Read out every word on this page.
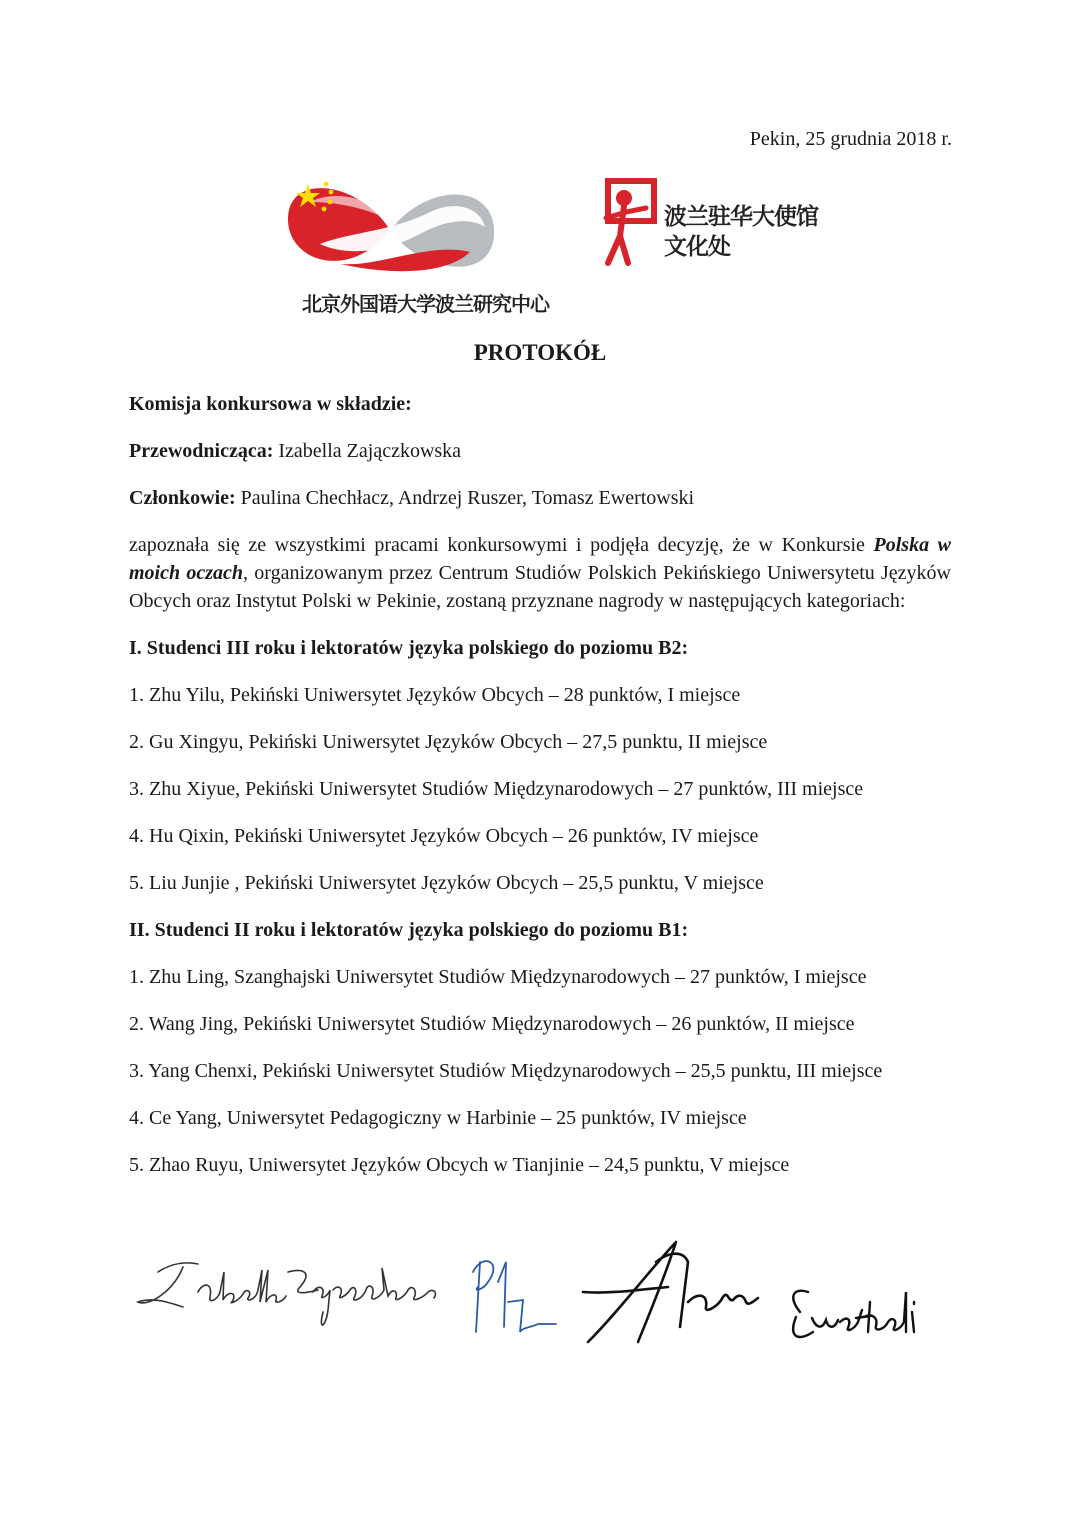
Pekin, 25 grudnia 2018 r.
北京外国语大学波兰研究中心
波兰驻华大使馆
文化处
PROTOKÓŁ

Komisja konkursowa w składzie:

Przewodnicząca: Izabella Zajączkowska

Członkowie: Paulina Chechłacz, Andrzej Ruszer, Tomasz Ewertowski

zapoznała się ze wszystkimi pracami konkursowymi i podjęła decyzję, że w Konkursie Polska w moich oczach, organizowanym przez Centrum Studiów Polskich Pekińskiego Uniwersytetu Języków Obcych oraz Instytut Polski w Pekinie, zostaną przyznane nagrody w następujących kategoriach:

I. Studenci III roku i lektoratów języka polskiego do poziomu B2:

1. Zhu Yilu, Pekiński Uniwersytet Języków Obcych – 28 punktów, I miejsce

2. Gu Xingyu, Pekiński Uniwersytet Języków Obcych – 27,5 punktu, II miejsce

3. Zhu Xiyue, Pekiński Uniwersytet Studiów Międzynarodowych – 27 punktów, III miejsce

4. Hu Qixin, Pekiński Uniwersytet Języków Obcych – 26 punktów, IV miejsce

5. Liu Junjie , Pekiński Uniwersytet Języków Obcych – 25,5 punktu, V miejsce

II. Studenci II roku i lektoratów języka polskiego do poziomu B1:

1. Zhu Ling, Szanghajski Uniwersytet Studiów Międzynarodowych – 27 punktów, I miejsce

2. Wang Jing, Pekiński Uniwersytet Studiów Międzynarodowych – 26 punktów, II miejsce

3. Yang Chenxi, Pekiński Uniwersytet Studiów Międzynarodowych – 25,5 punktu, III miejsce

4. Ce Yang, Uniwersytet Pedagogiczny w Harbinie – 25 punktów, IV miejsce

5. Zhao Ruyu, Uniwersytet Języków Obcych w Tianjinie – 24,5 punktu, V miejsce
